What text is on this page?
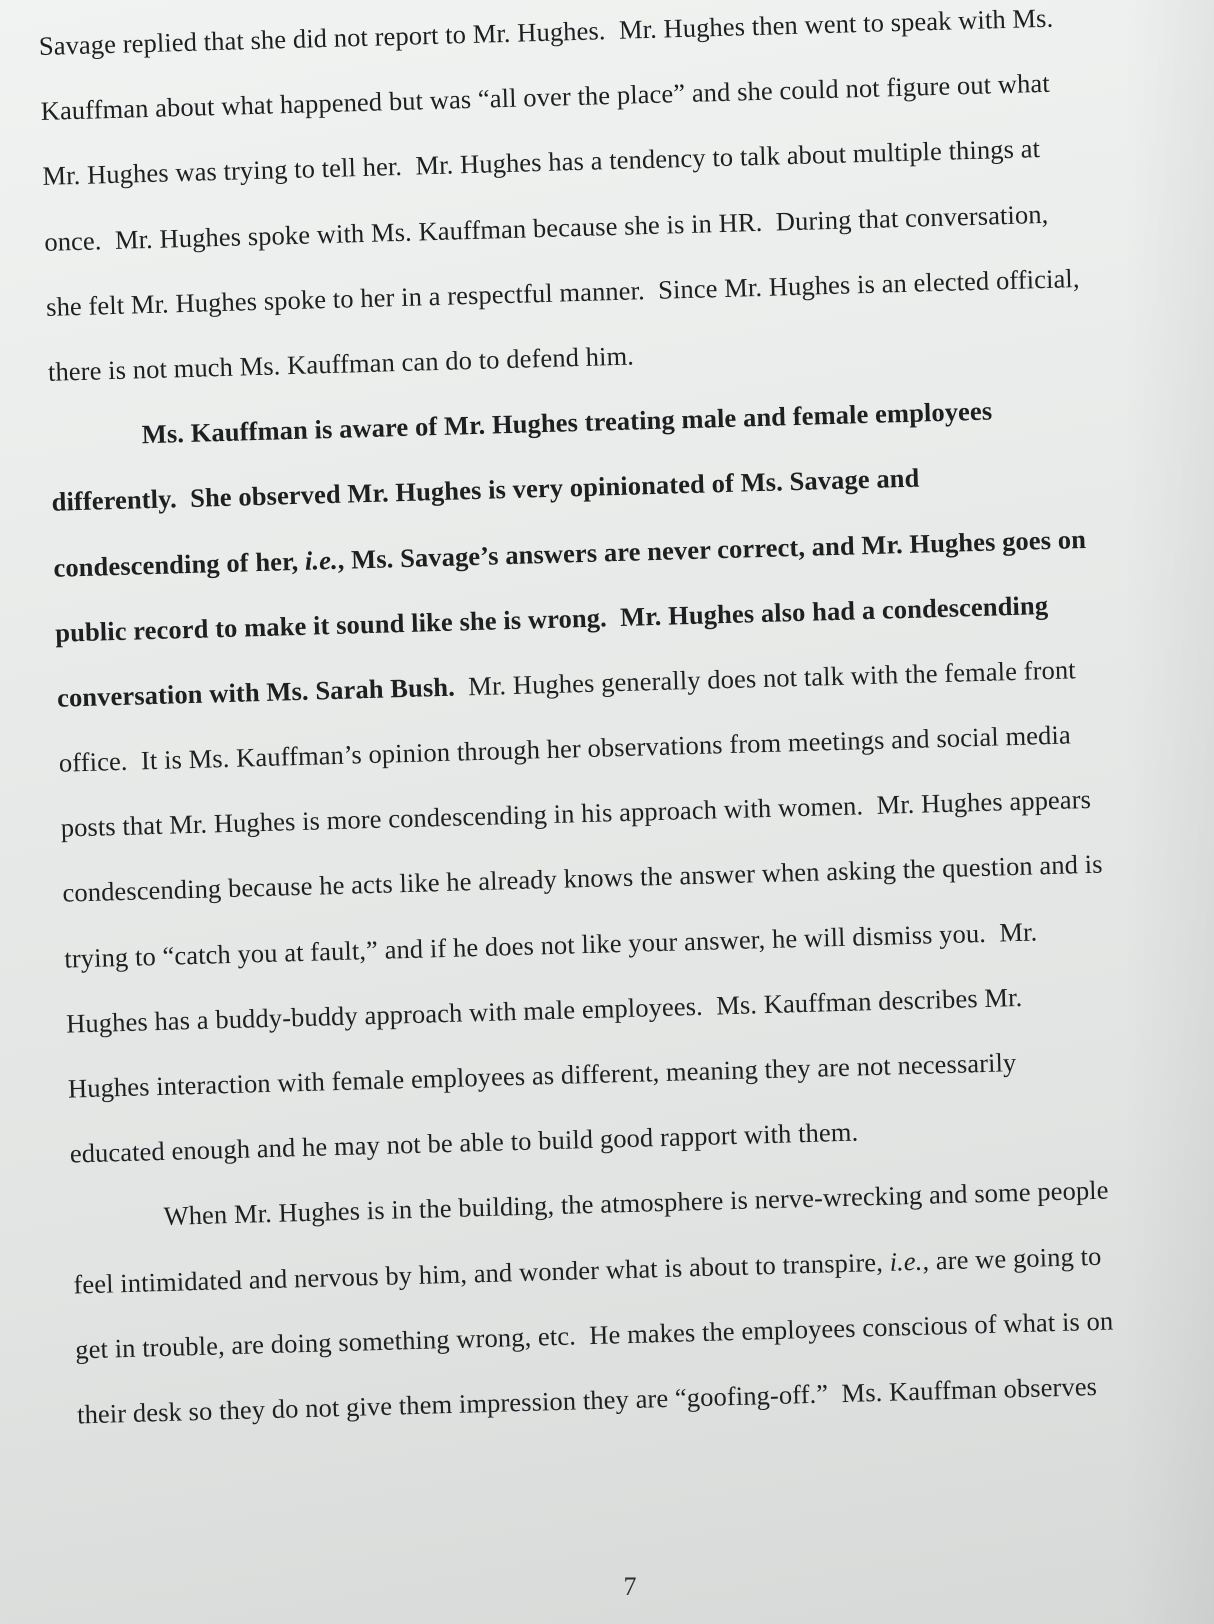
Savage replied that she did not report to Mr. Hughes.  Mr. Hughes then went to speak with Ms.
Kauffman about what happened but was “all over the place” and she could not figure out what
Mr. Hughes was trying to tell her.  Mr. Hughes has a tendency to talk about multiple things at
once.  Mr. Hughes spoke with Ms. Kauffman because she is in HR.  During that conversation,
she felt Mr. Hughes spoke to her in a respectful manner.  Since Mr. Hughes is an elected official,
there is not much Ms. Kauffman can do to defend him.
Ms. Kauffman is aware of Mr. Hughes treating male and female employees
differently.  She observed Mr. Hughes is very opinionated of Ms. Savage and
condescending of her, i.e., Ms. Savage’s answers are never correct, and Mr. Hughes goes on
public record to make it sound like she is wrong.  Mr. Hughes also had a condescending
conversation with Ms. Sarah Bush.  Mr. Hughes generally does not talk with the female front
office.  It is Ms. Kauffman’s opinion through her observations from meetings and social media
posts that Mr. Hughes is more condescending in his approach with women.  Mr. Hughes appears
condescending because he acts like he already knows the answer when asking the question and is
trying to “catch you at fault,” and if he does not like your answer, he will dismiss you.  Mr.
Hughes has a buddy-buddy approach with male employees.  Ms. Kauffman describes Mr.
Hughes interaction with female employees as different, meaning they are not necessarily
educated enough and he may not be able to build good rapport with them.
When Mr. Hughes is in the building, the atmosphere is nerve-wrecking and some people
feel intimidated and nervous by him, and wonder what is about to transpire, i.e., are we going to
get in trouble, are doing something wrong, etc.  He makes the employees conscious of what is on
their desk so they do not give them impression they are “goofing-off.”  Ms. Kauffman observes
7
